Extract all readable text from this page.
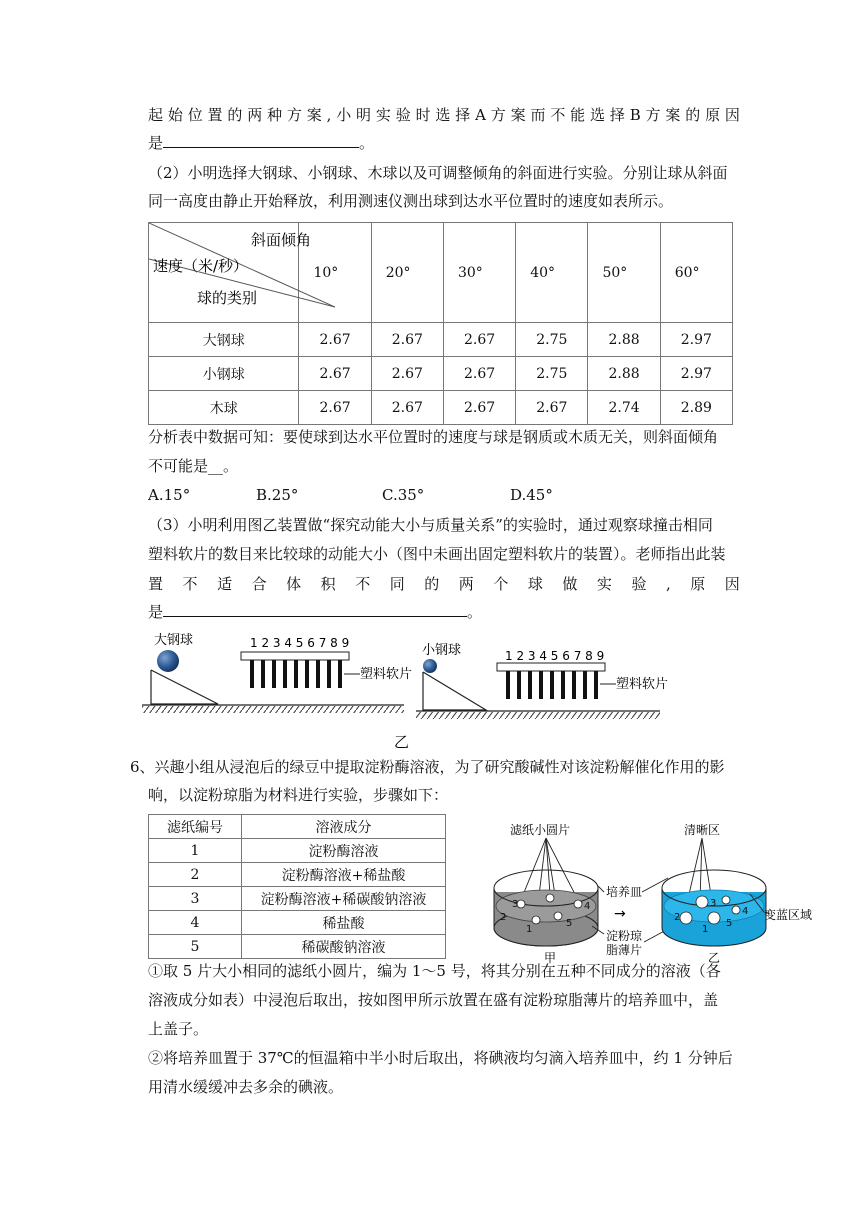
起 始 位 置 的 两 种 方 案 , 小 明 实 验 时 选 择 A 方 案 而 不 能 选 择 B 方 案 的 原 因
是	。
（2）小明选择大钢球、小钢球、木球以及可调整倾角的斜面进行实验。分别让球从斜面
同一高度由静止开始释放，利用测速仪测出球到达水平位置时的速度如表所示。
斜面倾角
速度（米/秒）
球的类别	10°	20°	30°	40°	50°	60°
大钢球	2.67	2.67	2.67	2.75	2.88	2.97
小钢球	2.67	2.67	2.67	2.75	2.88	2.97
木球	2.67	2.67	2.67	2.67	2.74	2.89
分析表中数据可知：要使球到达水平位置时的速度与球是钢质或木质无关，则斜面倾角
不可能是__。
A.15°	B.25°	C.35°	D.45°
（3）小明利用图乙装置做“探究动能大小与质量关系”的实验时，通过观察球撞击相同
塑料软片的数目来比较球的动能大小（图中未画出固定塑料软片的装置）。老师指出此装
置 不 适 合 体 积 不 同 的 两 个 球 做 实 验 , 原 因
是	。
大钢球	1 2 3 4 5 6 7 8 9
塑料软片
小钢球	1 2 3 4 5 6 7 8 9
塑料软片
乙
6、兴趣小组从浸泡后的绿豆中提取淀粉酶溶液，为了研究酸碱性对该淀粉解催化作用的影
响，以淀粉琼脂为材料进行实验，步骤如下：
滤纸编号	溶液成分
1	淀粉酶溶液
2	淀粉酶溶液+稀盐酸
3	淀粉酶溶液+稀碳酸钠溶液
4	稀盐酸
5	稀碳酸钠溶液
滤纸小圆片
3
2
1
4
5
甲
培养皿
→
淀粉琼
脂薄片
清晰区
3
2
1
4
5
变蓝区域
乙
①取 5 片大小相同的滤纸小圆片，编为 1～5 号，将其分别在五种不同成分的溶液（各
溶液成分如表）中浸泡后取出，按如图甲所示放置在盛有淀粉琼脂薄片的培养皿中，盖
上盖子。
②将培养皿置于 37℃的恒温箱中半小时后取出，将碘液均匀滴入培养皿中，约 1 分钟后
用清水缓缓冲去多余的碘液。
